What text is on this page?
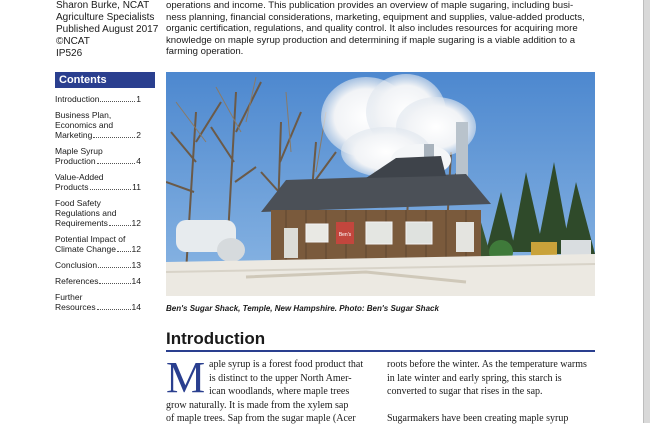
Sharon Burke, NCAT
Agriculture Specialists
Published August 2017
©NCAT
IP526
operations and income. This publication provides an overview of maple sugaring, including busi-
ness planning, financial considerations, marketing, equipment and supplies, value-added products,
organic certification, regulations, and quality control. It also includes resources for acquiring more
knowledge on maple syrup production and determining if maple sugaring is a viable addition to a
farming operation.
Contents
Introduction	1
Business Plan,
Economics and
Marketing	2
Maple Syrup
Production	4
Value-Added
Products	11
Food Safety
Regulations and
Requirements	12
Potential Impact of
Climate Change 12
Conclusion	13
References	14
Further
Resources	14
Ben's
Ben's Sugar Shack, Temple, New Hampshire. Photo: Ben's Sugar Shack
Introduction
M aple syrup is a forest food product that
is distinct to the upper North Amer-
ican woodlands, where maple trees
grow naturally. It is made from the xylem sap
of maple trees. Sap from the sugar maple (Acer
roots before the winter. As the temperature warms
in late winter and early spring, this starch is
converted to sugar that rises in the sap.
Sugarmakers have been creating maple syrup
